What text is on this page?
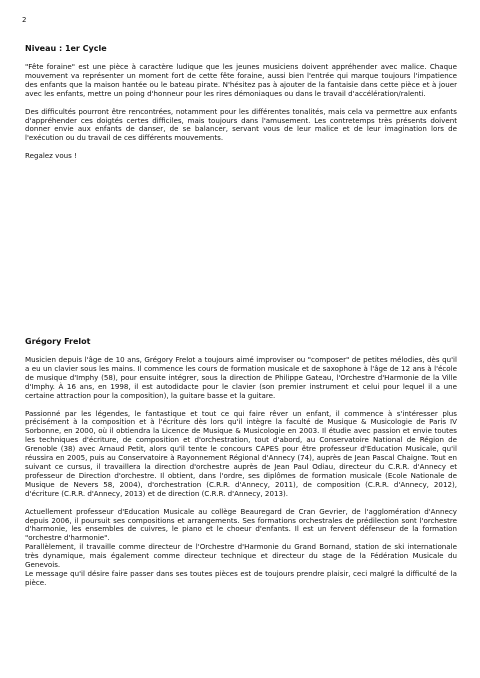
2
Niveau : 1er Cycle

"Fête foraine" est une pièce à caractère ludique que les jeunes musiciens doivent appréhender avec malice. Chaque mouvement va représenter un moment fort de cette fête foraine, aussi bien l'entrée qui marque toujours l'impatience des enfants que la maison hantée ou le bateau pirate. N'hésitez pas à ajouter de la fantaisie dans cette pièce et à jouer avec les enfants, mettre un poing d'honneur pour les rires démoniaques ou dans le travail d'accélération/ralenti.

Des difficultés pourront être rencontrées, notamment pour les différentes tonalités, mais cela va permettre aux enfants d'appréhender ces doigtés certes difficiles, mais toujours dans l'amusement. Les contretemps très présents doivent donner envie aux enfants de danser, de se balancer, servant vous de leur malice et de leur imagination lors de l'exécution ou du travail de ces différents mouvements.

Regalez vous !

Grégory Frelot

Musicien depuis l'âge de 10 ans, Grégory Frelot a toujours aimé improviser ou "composer" de petites mélodies, dès qu'il a eu un clavier sous les mains. Il commence les cours de formation musicale et de saxophone à l'âge de 12 ans à l'école de musique d'Imphy (58), pour ensuite intégrer, sous la direction de Philippe Gateau, l'Orchestre d'Harmonie de la Ville d'Imphy. À 16 ans, en 1998, il est autodidacte pour le clavier (son premier instrument et celui pour lequel il a une certaine attraction pour la composition), la guitare basse et la guitare.

Passionné par les légendes, le fantastique et tout ce qui faire rêver un enfant, il commence à s'intéresser plus précisément à la composition et à l'écriture dès lors qu'il intègre la faculté de Musique & Musicologie de Paris IV Sorbonne, en 2000, où il obtiendra la Licence de Musique & Musicologie en 2003. Il étudie avec passion et envie toutes les techniques d'écriture, de composition et d'orchestration, tout d'abord, au Conservatoire National de Région de Grenoble (38) avec Arnaud Petit, alors qu'il tente le concours CAPES pour être professeur d'Education Musicale, qu'il réussira en 2005, puis au Conservatoire à Rayonnement Régional d'Annecy (74), auprès de Jean Pascal Chaigne. Tout en suivant ce cursus, il travaillera la direction d'orchestre auprès de Jean Paul Odiau, directeur du C.R.R. d'Annecy et professeur de Direction d'orchestre. Il obtient, dans l'ordre, ses diplômes de formation musicale (Ecole Nationale de Musique de Nevers 58, 2004), d'orchestration (C.R.R. d'Annecy, 2011), de composition (C.R.R. d'Annecy, 2012), d'écriture (C.R.R. d'Annecy, 2013) et de direction (C.R.R. d'Annecy, 2013).

Actuellement professeur d'Education Musicale au collège Beauregard de Cran Gevrier, de l'agglomération d'Annecy depuis 2006, il poursuit ses compositions et arrangements. Ses formations orchestrales de prédilection sont l'orchestre d'harmonie, les ensembles de cuivres, le piano et le choeur d'enfants. Il est un fervent défenseur de la formation "orchestre d'harmonie".

Parallèlement, il travaille comme directeur de l'Orchestre d'Harmonie du Grand Bornand, station de ski internationale très dynamique, mais également comme directeur technique et directeur du stage de la Fédération Musicale du Genevois.

Le message qu'il désire faire passer dans ses toutes pièces est de toujours prendre plaisir, ceci malgré la difficulté de la pièce.
